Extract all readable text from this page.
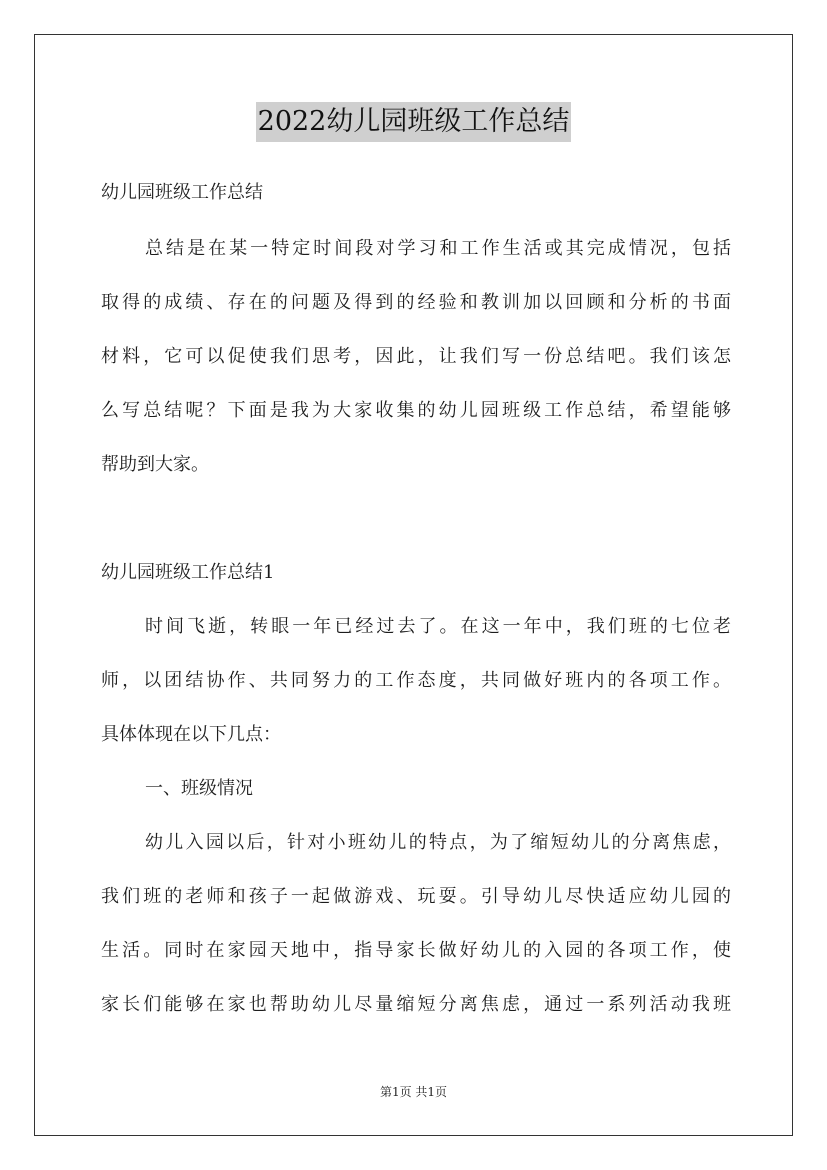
2022幼儿园班级工作总结
幼儿园班级工作总结
总结是在某一特定时间段对学习和工作生活或其完成情况，包括
取得的成绩、存在的问题及得到的经验和教训加以回顾和分析的书面
材料，它可以促使我们思考，因此，让我们写一份总结吧。我们该怎
么写总结呢？下面是我为大家收集的幼儿园班级工作总结，希望能够
帮助到大家。
幼儿园班级工作总结1
时间飞逝，转眼一年已经过去了。在这一年中，我们班的七位老
师，以团结协作、共同努力的工作态度，共同做好班内的各项工作。
具体体现在以下几点：
一、班级情况
幼儿入园以后，针对小班幼儿的特点，为了缩短幼儿的分离焦虑，
我们班的老师和孩子一起做游戏、玩耍。引导幼儿尽快适应幼儿园的
生活。同时在家园天地中，指导家长做好幼儿的入园的各项工作，使
家长们能够在家也帮助幼儿尽量缩短分离焦虑，通过一系列活动我班
第1页 共1页
